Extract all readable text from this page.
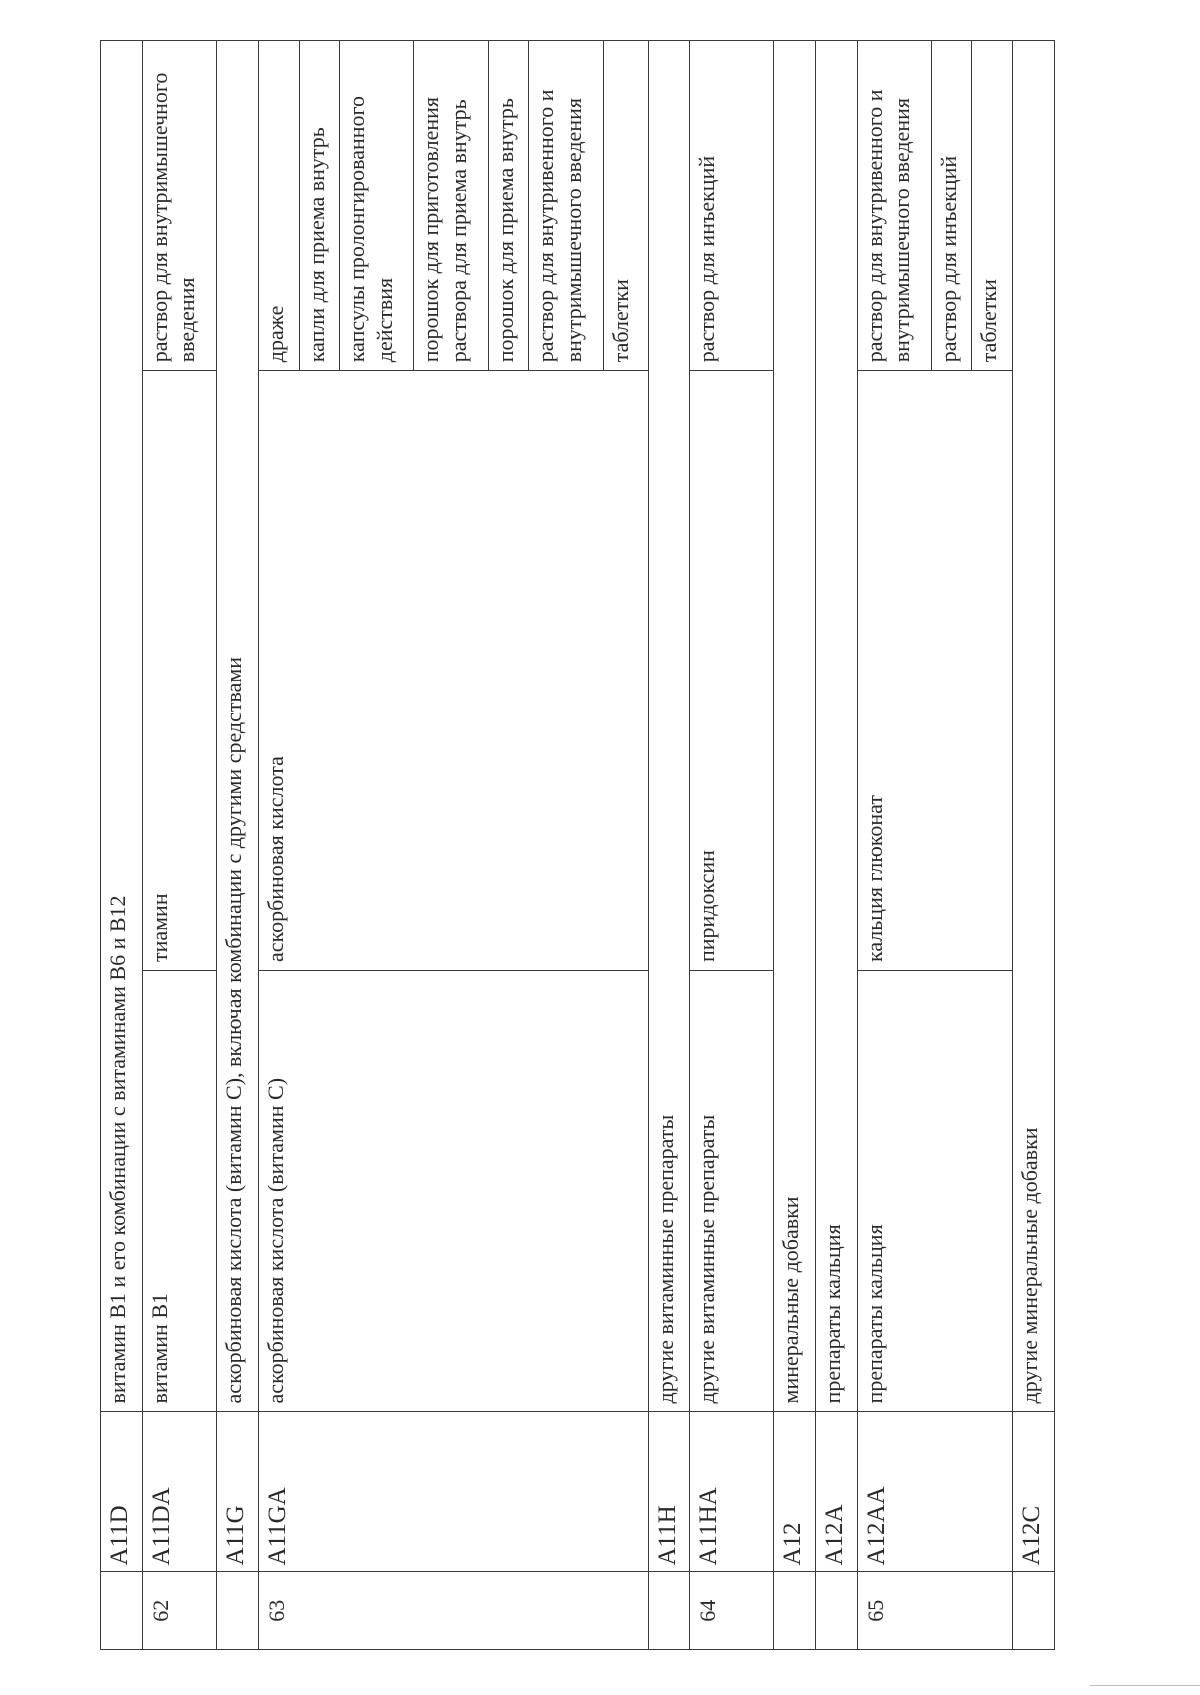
	A11D	витамин B1 и его комбинации с витаминами B6 и B12		
62	A11DA	витамин B1	тиамин	раствор для внутримышечного введения
	A11G	аскорбиновая кислота (витамин C), включая комбинации с другими средствами		
63	A11GA	аскорбиновая кислота (витамин C)	аскорбиновая кислота	драже
				капли для приема внутрь
				капсулы пролонгированного действия
				порошок для приготовления раствора для приема внутрь
				порошок для приема внутрь
				раствор для внутривенного и внутримышечного введения
				таблетки
	A11H	другие витаминные препараты		
64	A11HA	другие витаминные препараты	пиридоксин	раствор для инъекций
	A12	минеральные добавки		
	A12A	препараты кальция		
65	A12AA	препараты кальция	кальция глюконат	раствор для внутривенного и внутримышечного введения
				раствор для инъекций
				таблетки
	A12C	другие минеральные добавки		
